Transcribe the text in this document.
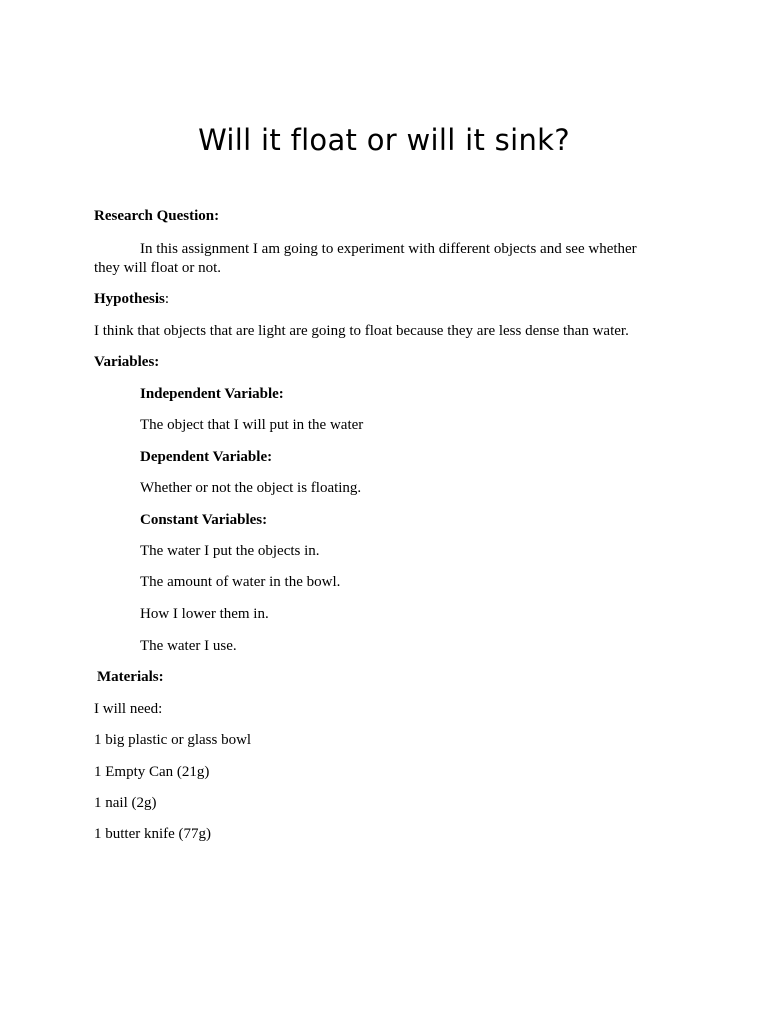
Will it float or will it sink?

Research Question:

In this assignment I am going to experiment with different objects and see whether

they will float or not.

Hypothesis:

I think that objects that are light are going to float because they are less dense than water.

Variables:

Independent Variable:

The object that I will put in the water

Dependent Variable:

Whether or not the object is floating.

Constant Variables:

The water I put the objects in.

The amount of water in the bowl.

How I lower them in.

The water I use.

Materials:

I will need:

1 big plastic or glass bowl

1 Empty Can (21g)

1 nail (2g)

1 butter knife (77g)
